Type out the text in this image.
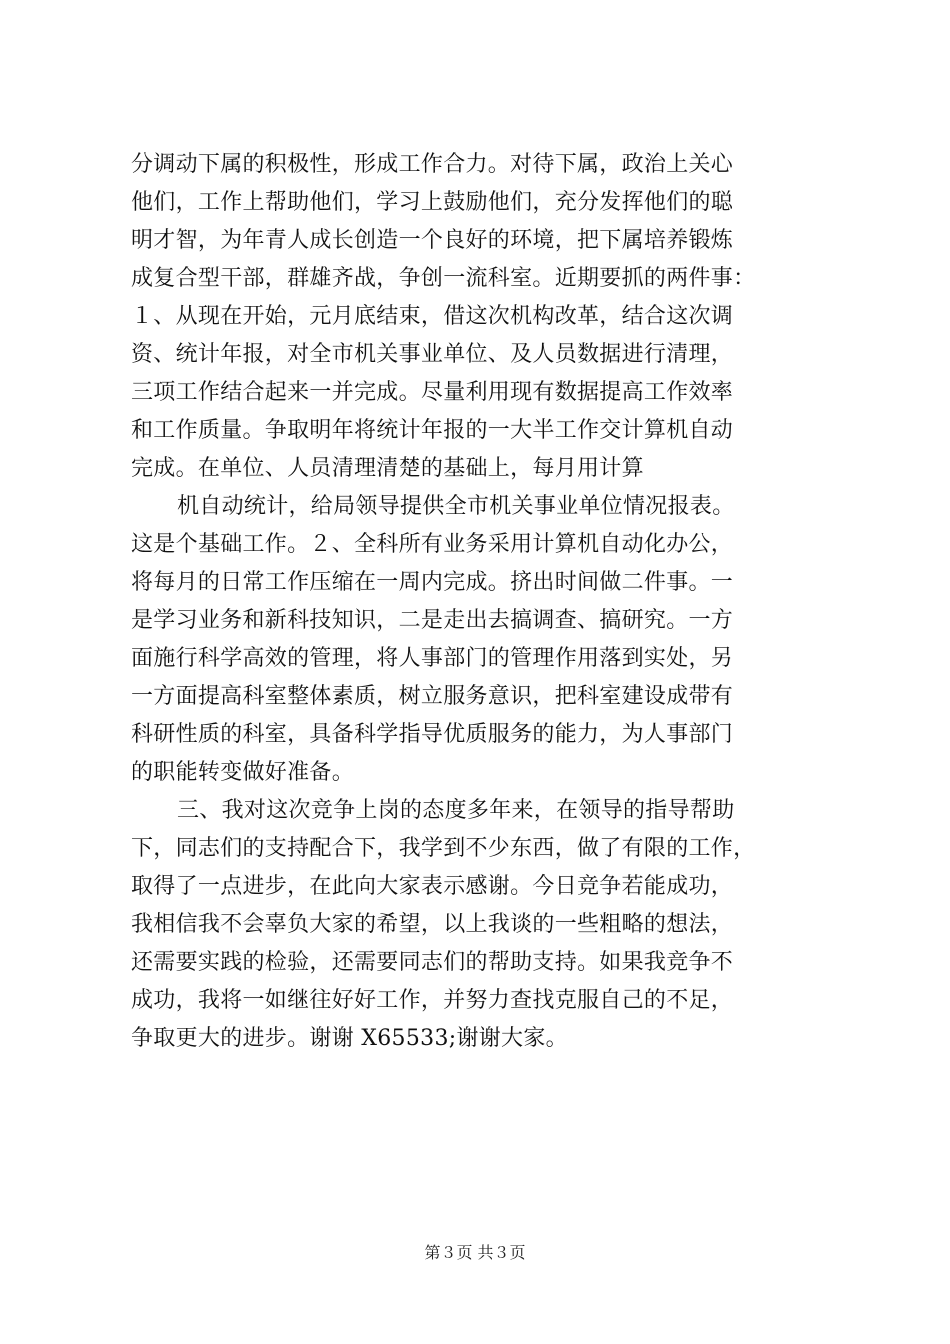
分调动下属的积极性，形成工作合力。对待下属，政治上关心
他们，工作上帮助他们，学习上鼓励他们，充分发挥他们的聪
明才智，为年青人成长创造一个良好的环境，把下属培养锻炼
成复合型干部，群雄齐战，争创一流科室。近期要抓的两件事：
１、从现在开始，元月底结束，借这次机构改革，结合这次调
资、统计年报，对全市机关事业单位、及人员数据进行清理，
三项工作结合起来一并完成。尽量利用现有数据提高工作效率
和工作质量。争取明年将统计年报的一大半工作交计算机自动
完成。在单位、人员清理清楚的基础上，每月用计算
机自动统计，给局领导提供全市机关事业单位情况报表。
这是个基础工作。２、全科所有业务采用计算机自动化办公，
将每月的日常工作压缩在一周内完成。挤出时间做二件事。一
是学习业务和新科技知识，二是走出去搞调查、搞研究。一方
面施行科学高效的管理，将人事部门的管理作用落到实处，另
一方面提高科室整体素质，树立服务意识，把科室建设成带有
科研性质的科室，具备科学指导优质服务的能力，为人事部门
的职能转变做好准备。
三、我对这次竞争上岗的态度多年来，在领导的指导帮助
下，同志们的支持配合下，我学到不少东西，做了有限的工作，
取得了一点进步，在此向大家表示感谢。今日竞争若能成功，
我相信我不会辜负大家的希望，以上我谈的一些粗略的想法，
还需要实践的检验，还需要同志们的帮助支持。如果我竞争不
成功，我将一如继往好好工作，并努力查找克服自己的不足，
争取更大的进步。谢谢 X65533;谢谢大家。
第３页 共３页
